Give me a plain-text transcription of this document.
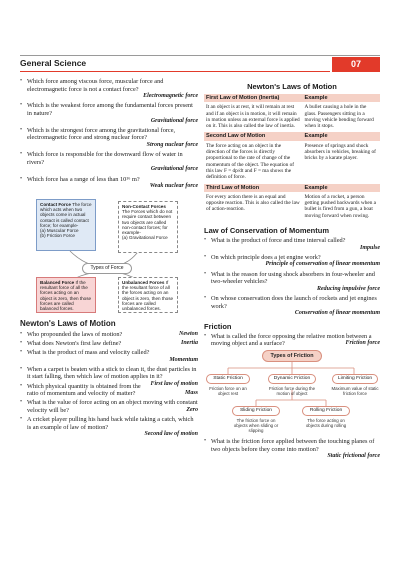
General Science	07
• Which force among viscous force, muscular force and electromagnetic force is not a contact force?
Electromagnetic force
• Which is the weakest force among the fundamental forces present in nature?
Gravitational force
• Which is the strongest force among the gravitational force, electromagnetic force and strong nuclear force?
Strong nuclear force
• Which force is responsible for the downward flow of water in rivers?
Gravitational force
• Which force has a range of less than 10¹⁶ m?
Weak nuclear force
Contact Force The force which acts when two objects come in actual contact is called contact force; for example-
(a) Muscular Force
(b) Friction Force
Non-Contact Forces The Forces which do not require contact between two objects are called non-contact forces; for example-
(a) Gravitational Force
Types of Force
Balanced Force If the resultant force of all the forces acting on an object is zero, then those forces are called balanced forces.
Unbalanced Forces If the resultant force of all the forces acting on an object is zero, then those forces are called unbalanced forces.
Newton's Laws of Motion
• Who propounded the laws of motion?	Newton
• What does Newton's first law define?	Inertia
• What is the product of mass and velocity called?
Momentum
• When a carpet is beaten with a stick to clean it, the dust particles in it start falling, then which law of motion applies in it?
First law of motion
• Which physical quantity is obtained from the ratio of momentum and velocity of matter?	Mass
• What is the value of force acting on an object moving with constant velocity will be?	Zero
• A cricket player pulling his hand back while taking a catch, which is an example of law of motion?
Second law of motion
Newton's Laws of Motion
First Law of Motion (Inertia)	Example
It an object is at rest, it will remain at rest and if an object is in motion, it will remain in motion unless an external force is applied on it. This is also called the law of inertia.	A bullet causing a hole in the glass. Passengers sitting in a moving vehicle bending forward when it stops.
Second Law of Motion	Example
The force acting on an object in the direction of the forces is directly proportional to the rate of change of the momentum of the object. The equation of this law F = dp/dt and F = ma shows the definition of force.	Presence of springs and shock absorbers in vehicles, breaking of bricks by a karate player.
Third Law of Motion	Example
For every action there is an equal and opposite reaction. This is also called the law of action-reaction.	Motion of a rocket, a person getting pushed backwards when a bullet is fired from a gun, a boat moving forward when rowing.
Law of Conservation of Momentum
• What is the product of force and time interval called?
Impulse
• On which principle does a jet engine work?
Principle of conservation of linear momentum
• What is the reason for using shock absorbers in four-wheeler and two-wheeler vehicles?
Reducing impulsive force
• On whose conservation does the launch of rockets and jet engines work?
Conservation of linear momentum
Friction
• What is called the force opposing the relative motion between a moving object and a surface?	Friction force
Types of Friction
Static Friction	Dynamic Friction	Limiting Friction
Friction force on an object rest
Friction force during the motion of object
Maximum value of static friction force
Sliding Friction	Rolling Friction
The friction force on objects when sliding or slipping
The force acting on objects during rolling
• What is the friction force applied between the touching planes of two objects before they come into motion?
Static frictional force
